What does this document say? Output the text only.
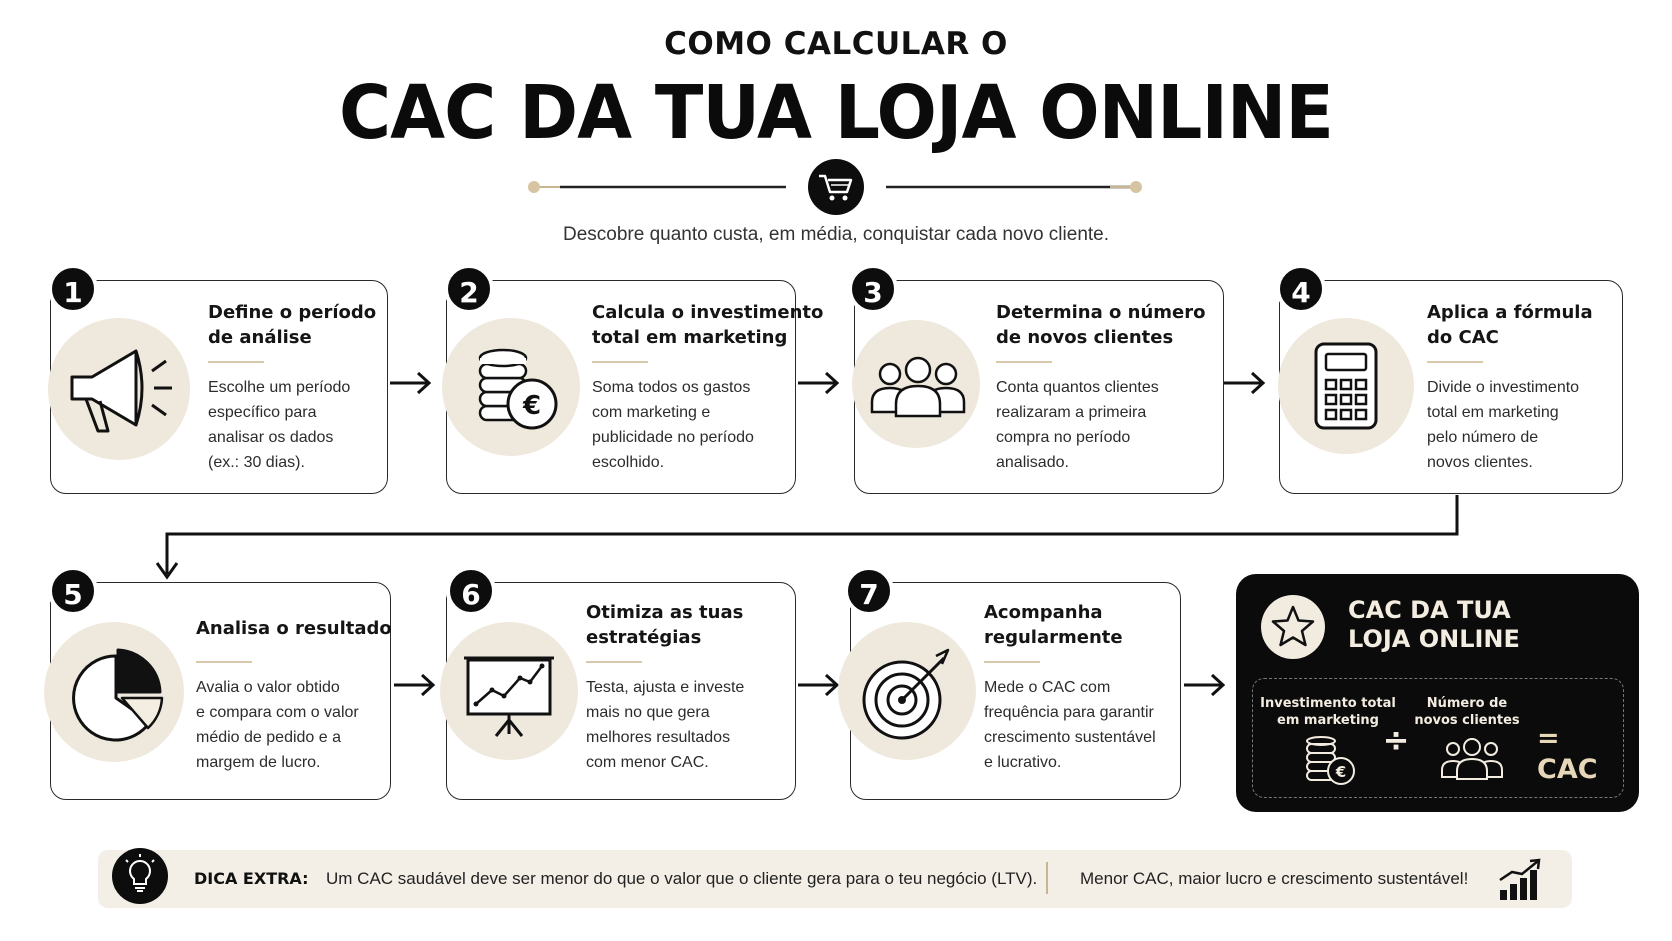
COMO CALCULAR O
CAC DA TUA LOJA ONLINE
Descobre quanto custa, em média, conquistar cada novo cliente.
1
Define o período
de análise
Escolhe um período
específico para
analisar os dados
(ex.: 30 dias).
€
2
Calcula o investimento
total em marketing
Soma todos os gastos
com marketing e
publicidade no período
escolhido.
3
Determina o número
de novos clientes
Conta quantos clientes
realizaram a primeira
compra no período
analisado.
4
Aplica a fórmula
do CAC
Divide o investimento
total em marketing
pelo número de
novos clientes.
5
Analisa o resultado
Avalia o valor obtido
e compara com o valor
médio de pedido e a
margem de lucro.
6
Otimiza as tuas
estratégias
Testa, ajusta e investe
mais no que gera
melhores resultados
com menor CAC.
7
Acompanha
regularmente
Mede o CAC com
frequência para garantir
crescimento sustentável
e lucrativo.
CAC DA TUA
LOJA ONLINE
Investimento total
em marketing
€
÷
Número de
novos clientes
= CAC
DICA EXTRA: Um CAC saudável deve ser menor do que o valor que o cliente gera para o teu negócio (LTV).	Menor CAC, maior lucro e crescimento sustentável!
